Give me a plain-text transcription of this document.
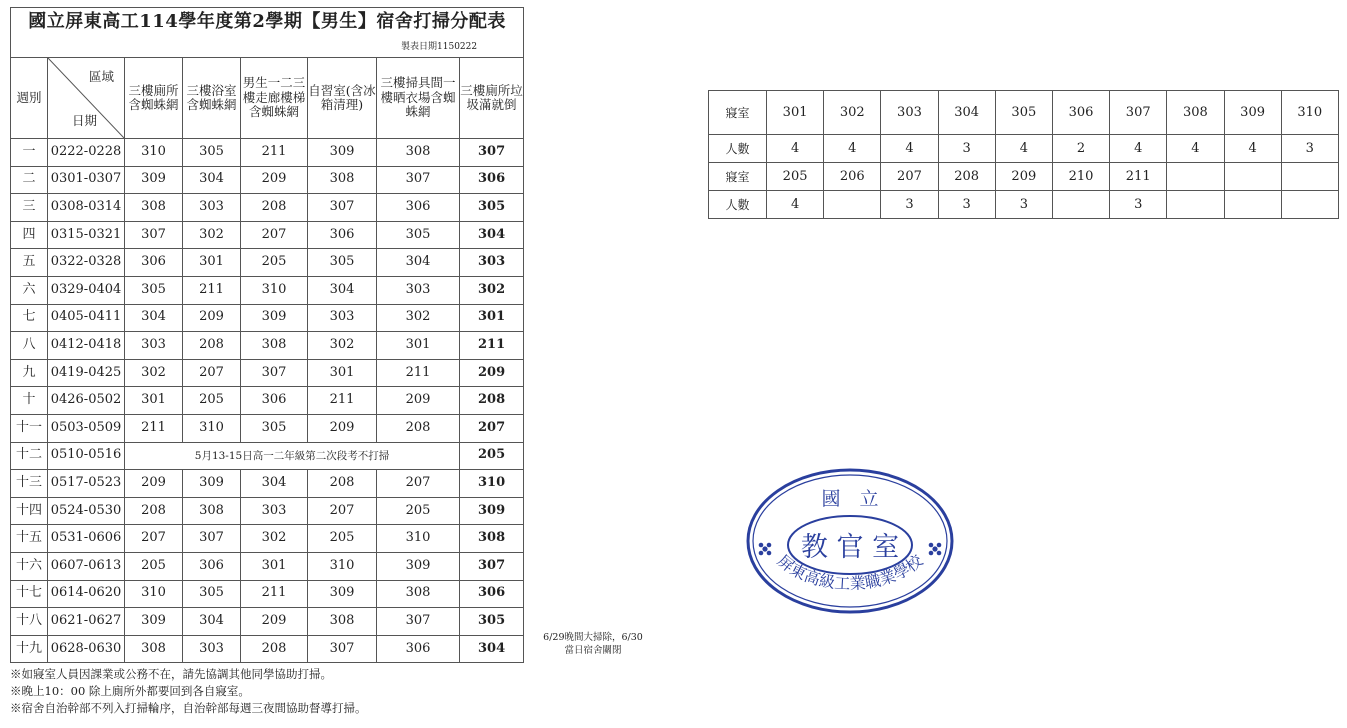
國立屏東高工114學年度第2學期【男生】宿舍打掃分配表							
製表日期1150222							
週別	區域
日期	三樓廁所含蜘蛛網	三樓浴室含蜘蛛網	男生一二三樓走廊樓梯含蜘蛛網	自習室(含冰箱清理)	三樓掃具間一樓晒衣場含蜘蛛網	三樓廁所垃圾滿就倒
一	0222-0228	310	305	211	309	308	307
二	0301-0307	309	304	209	308	307	306
三	0308-0314	308	303	208	307	306	305
四	0315-0321	307	302	207	306	305	304
五	0322-0328	306	301	205	305	304	303
六	0329-0404	305	211	310	304	303	302
七	0405-0411	304	209	309	303	302	301
八	0412-0418	303	208	308	302	301	211
九	0419-0425	302	207	307	301	211	209
十	0426-0502	301	205	306	211	209	208
十一	0503-0509	211	310	305	209	208	207
十二	0510-0516	5月13-15日高一二年級第二次段考不打掃					205
十三	0517-0523	209	309	304	208	207	310
十四	0524-0530	208	308	303	207	205	309
十五	0531-0606	207	307	302	205	310	308
十六	0607-0613	205	306	301	310	309	307
十七	0614-0620	310	305	211	309	308	306
十八	0621-0627	309	304	209	308	307	305
十九	0628-0630	308	303	208	307	306	304
6/29晚間大掃除，6/30
當日宿舍關閉
※如寢室人員因課業或公務不在，請先協調其他同學協助打掃。
※晚上10：00 除上廁所外都要回到各自寢室。
※宿舍自治幹部不列入打掃輪序，自治幹部每週三夜間協助督導打掃。
寢室	301	302	303	304	305	306	307	308	309	310
人數	4	4	4	3	4	2	4	4	4	3
寢室	205	206	207	208	209	210	211			
人數	4		3	3	3		3			
國　立
教 官 室
屏東高級工業職業學校
